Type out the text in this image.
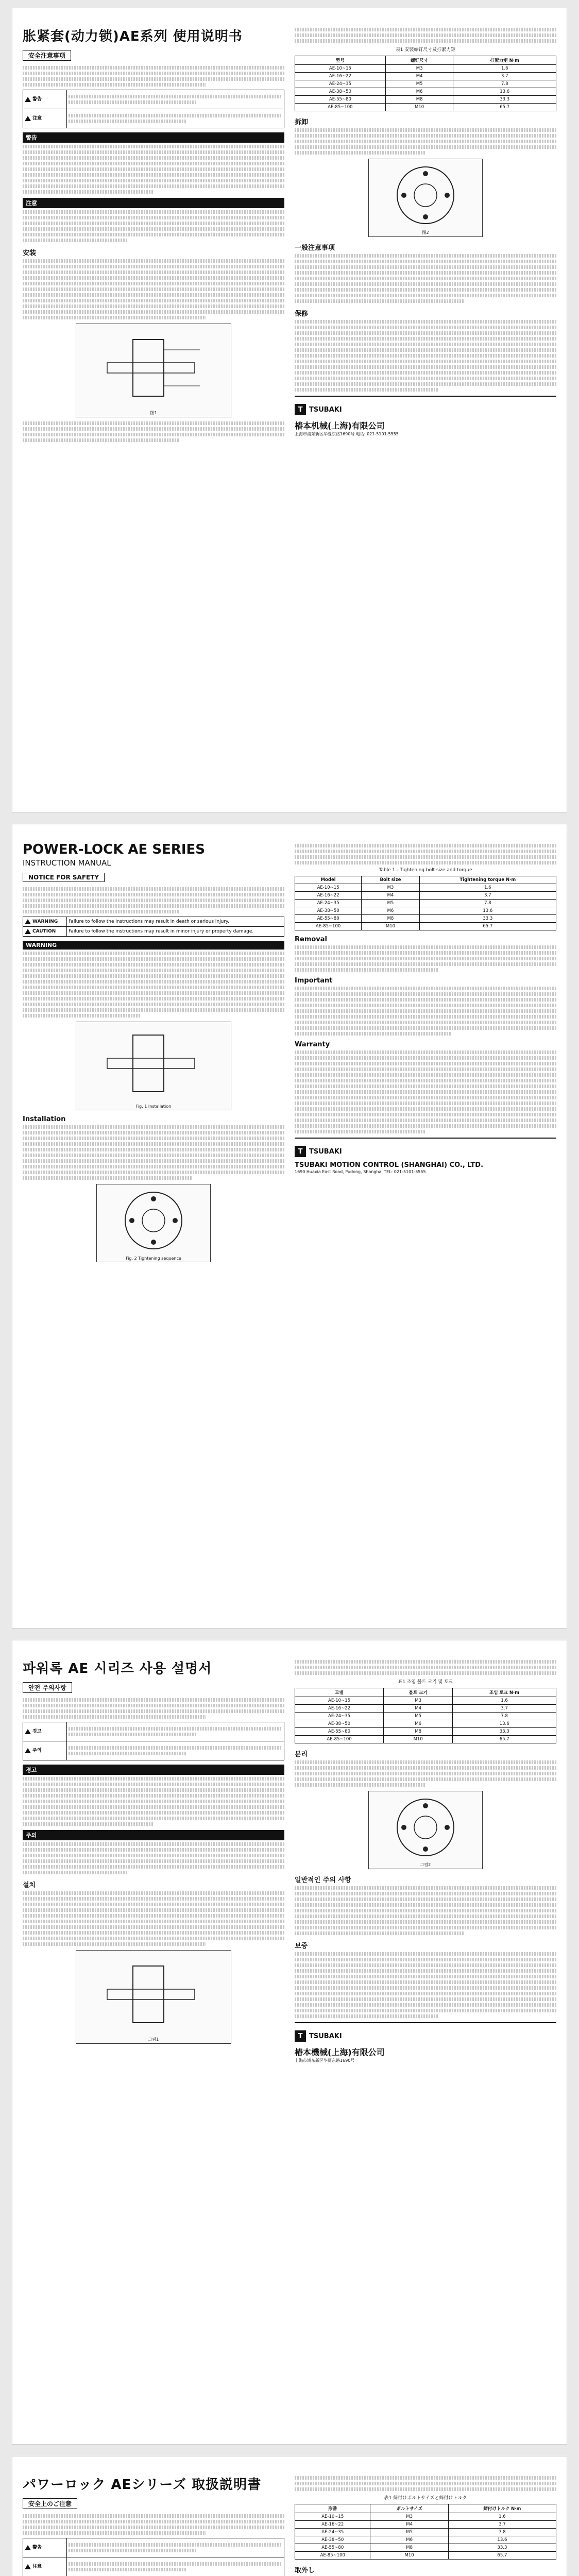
胀紧套(动力锁)AE系列 使用说明书
安全注意事项
警告
注意
警告
注意
安装
图1
表1 安装螺钉尺寸及拧紧力矩
型号	螺钉尺寸	拧紧力矩 N·m
AE-10~15	M3	1.6
AE-16~22	M4	3.7
AE-24~35	M5	7.8
AE-38~50	M6	13.6
AE-55~80	M8	33.3
AE-85~100	M10	65.7
拆卸
图2
一般注意事项
保修
T TSUBAKI
椿本机械(上海)有限公司
上海市浦东新区华夏东路1690号 电话: 021-5101-5555
POWER-LOCK AE SERIES
INSTRUCTION MANUAL
NOTICE FOR SAFETY
WARNING	Failure to follow the instructions may result in death or serious injury.
CAUTION	Failure to follow the instructions may result in minor injury or property damage.
WARNING
Fig. 1 Installation
Installation
Fig. 2 Tightening sequence
Table 1 - Tightening bolt size and torque
Model	Bolt size	Tightening torque N·m
AE-10~15	M3	1.6
AE-16~22	M4	3.7
AE-24~35	M5	7.8
AE-38~50	M6	13.6
AE-55~80	M8	33.3
AE-85~100	M10	65.7
Removal
Important
Warranty
T TSUBAKI
TSUBAKI MOTION CONTROL (SHANGHAI) CO., LTD.
1690 Huaxia East Road, Pudong, Shanghai TEL: 021-5101-5555
파워록 AE 시리즈 사용 설명서
안전 주의사항
경고
주의
경고
주의
설치
그림1
표1 조임 볼트 크기 및 토크
모델	볼트 크기	조임 토크 N·m
AE-10~15	M3	1.6
AE-16~22	M4	3.7
AE-24~35	M5	7.8
AE-38~50	M6	13.6
AE-55~80	M8	33.3
AE-85~100	M10	65.7
분리
그림2
일반적인 주의 사항
보증
T TSUBAKI
椿本機械(上海)有限公司
上海市浦东新区华夏东路1690号
パワーロック AEシリーズ 取扱説明書
安全上のご注意
警告
注意
表1 締付けボルトサイズと締付けトルク
形番	ボルトサイズ	締付けトルク N·m
AE-10~15	M3	1.6
AE-16~22	M4	3.7
AE-24~35	M5	7.8
AE-38~50	M6	13.6
AE-55~80	M8	33.3
AE-85~100	M10	65.7
取外し
